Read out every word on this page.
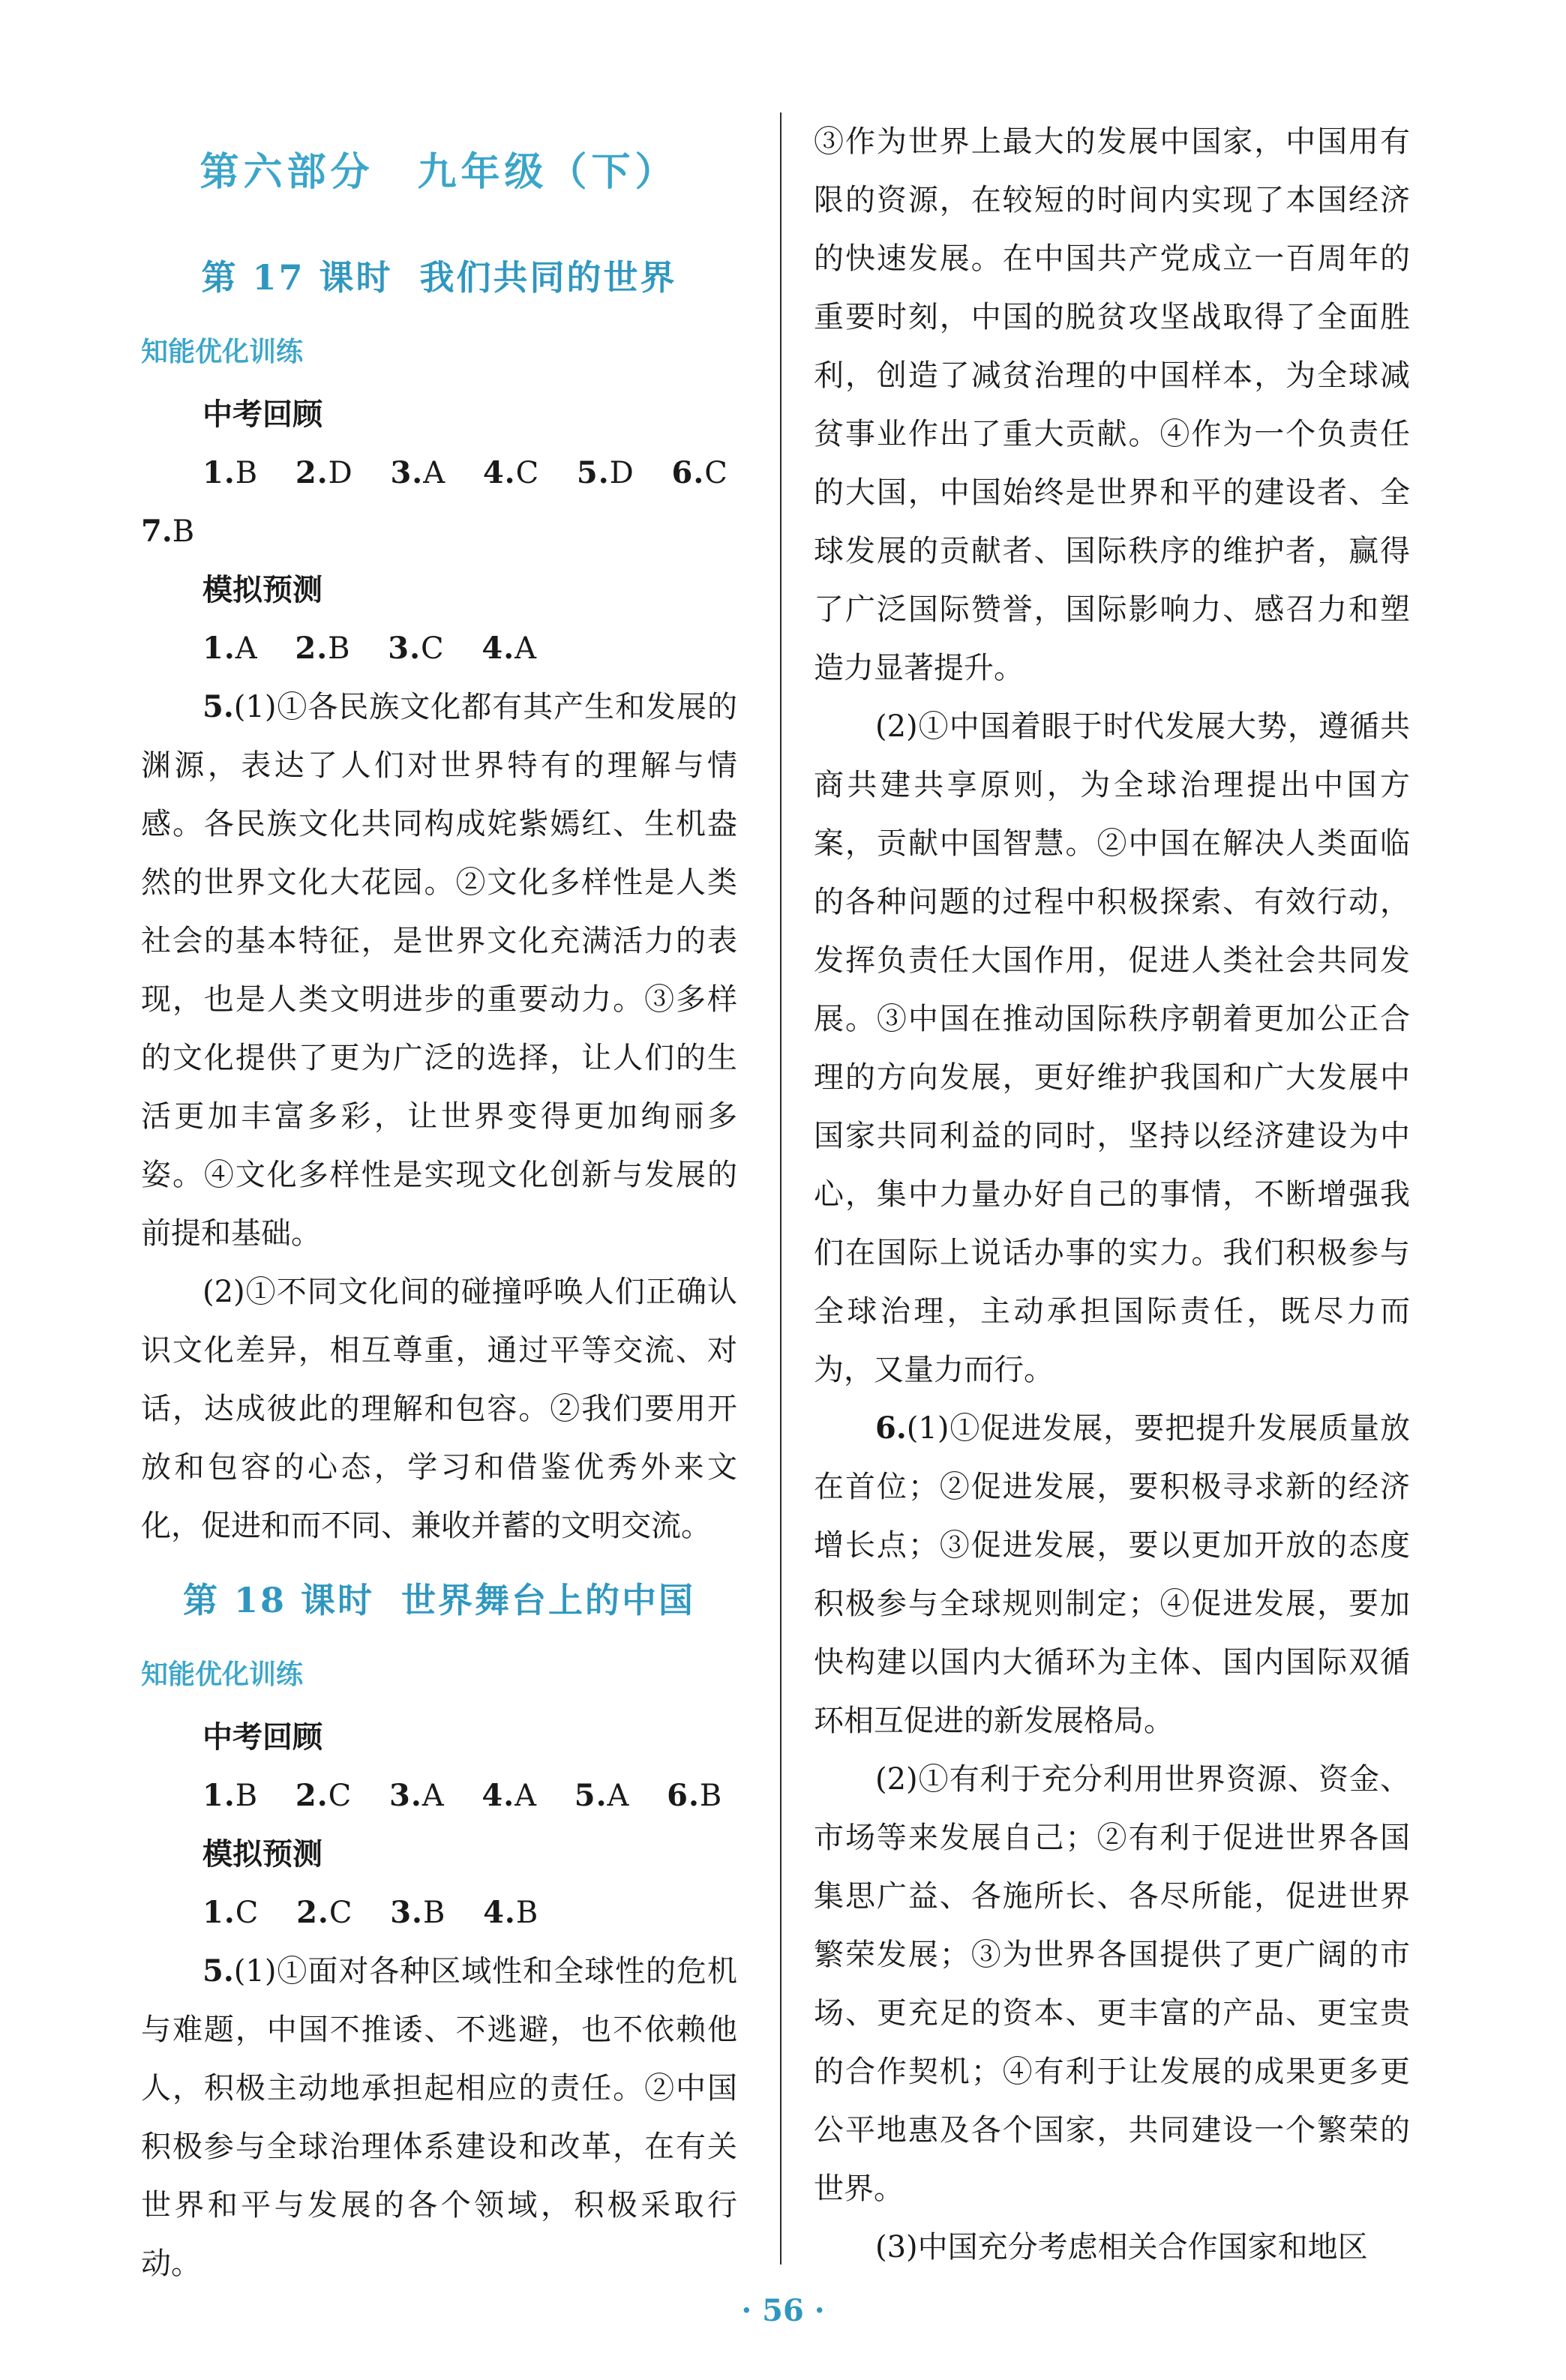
第六部分　九年级（下）
第 17 课时 我们共同的世界
知能优化训练
中考回顾
1.B 2.D 3.A 4.C 5.D 6.C
7.B
模拟预测
1.A 2.B 3.C 4.A

5.(1)①各民族文化都有其产生和发展的渊源，表达了人们对世界特有的理解与情感。各民族文化共同构成姹紫嫣红、生机盎然的世界文化大花园。②文化多样性是人类社会的基本特征，是世界文化充满活力的表现，也是人类文明进步的重要动力。③多样的文化提供了更为广泛的选择，让人们的生活更加丰富多彩，让世界变得更加绚丽多姿。④文化多样性是实现文化创新与发展的前提和基础。

(2)①不同文化间的碰撞呼唤人们正确认识文化差异，相互尊重，通过平等交流、对话，达成彼此的理解和包容。②我们要用开放和包容的心态，学习和借鉴优秀外来文化，促进和而不同、兼收并蓄的文明交流。

第 18 课时 世界舞台上的中国
知能优化训练
中考回顾
1.B 2.C 3.A 4.A 5.A 6.B
模拟预测
1.C 2.C 3.B 4.B

5.(1)①面对各种区域性和全球性的危机与难题，中国不推诿、不逃避，也不依赖他人，积极主动地承担起相应的责任。②中国积极参与全球治理体系建设和改革，在有关世界和平与发展的各个领域，积极采取行动。

③作为世界上最大的发展中国家，中国用有限的资源，在较短的时间内实现了本国经济的快速发展。在中国共产党成立一百周年的重要时刻，中国的脱贫攻坚战取得了全面胜利，创造了减贫治理的中国样本，为全球减贫事业作出了重大贡献。④作为一个负责任的大国，中国始终是世界和平的建设者、全球发展的贡献者、国际秩序的维护者，赢得了广泛国际赞誉，国际影响力、感召力和塑造力显著提升。

(2)①中国着眼于时代发展大势，遵循共商共建共享原则，为全球治理提出中国方案，贡献中国智慧。②中国在解决人类面临的各种问题的过程中积极探索、有效行动，发挥负责任大国作用，促进人类社会共同发展。③中国在推动国际秩序朝着更加公正合理的方向发展，更好维护我国和广大发展中国家共同利益的同时，坚持以经济建设为中心，集中力量办好自己的事情，不断增强我们在国际上说话办事的实力。我们积极参与全球治理，主动承担国际责任，既尽力而为，又量力而行。

6.(1)①促进发展，要把提升发展质量放在首位；②促进发展，要积极寻求新的经济增长点；③促进发展，要以更加开放的态度积极参与全球规则制定；④促进发展，要加快构建以国内大循环为主体、国内国际双循环相互促进的新发展格局。

(2)①有利于充分利用世界资源、资金、市场等来发展自己；②有利于促进世界各国集思广益、各施所长、各尽所能，促进世界繁荣发展；③为世界各国提供了更广阔的市场、更充足的资本、更丰富的产品、更宝贵的合作契机；④有利于让发展的成果更多更公平地惠及各个国家，共同建设一个繁荣的世界。

(3)中国充分考虑相关合作国家和地区

· 56 ·
